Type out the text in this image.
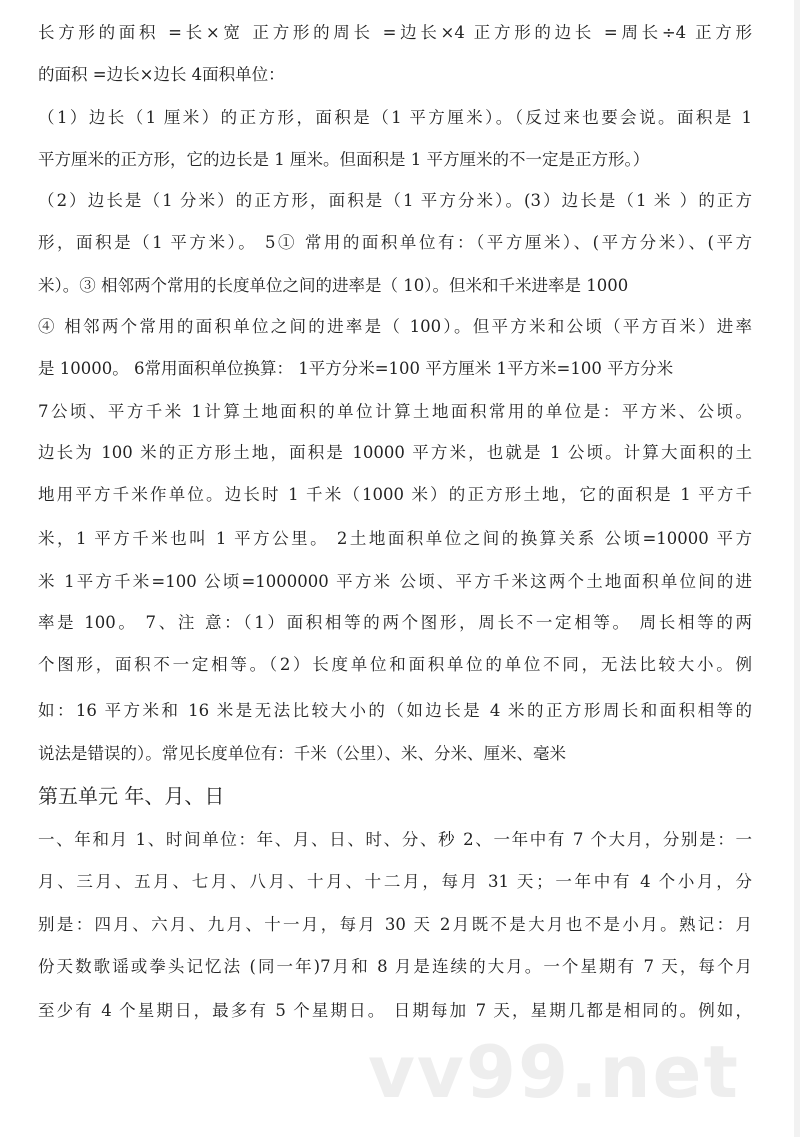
长方形的面积 =长×宽 正方形的周长 =边长×4 正方形的边长 =周长÷4 正方形
的面积 =边长×边长 4面积单位：
（1）边长（1 厘米）的正方形，面积是（1 平方厘米）。（反过来也要会说。面积是 1
平方厘米的正方形，它的边长是 1 厘米。但面积是 1 平方厘米的不一定是正方形。）
（2）边长是（1 分米）的正方形，面积是（1 平方分米）。(3）边长是（1 米 ）的正方
形，面积是（1 平方米）。 5① 常用的面积单位有：（平方厘米）、(平方分米）、(平方
米）。③ 相邻两个常用的长度单位之间的进率是（ 10）。但米和千米进率是 1000
④ 相邻两个常用的面积单位之间的进率是（ 100）。但平方米和公顷（平方百米）进率
是 10000。 6常用面积单位换算： 1平方分米=100 平方厘米 1平方米=100 平方分米
7公顷、平方千米 1计算土地面积的单位计算土地面积常用的单位是：平方米、公顷。
边长为 100 米的正方形土地，面积是 10000 平方米，也就是 1 公顷。计算大面积的土
地用平方千米作单位。边长时 1 千米（1000 米）的正方形土地，它的面积是 1 平方千
米，1 平方千米也叫 1 平方公里。 2土地面积单位之间的换算关系 公顷=10000 平方
米 1平方千米=100 公顷=1000000 平方米 公顷、平方千米这两个土地面积单位间的进
率是 100。 7、注 意：（1）面积相等的两个图形，周长不一定相等。 周长相等的两
个图形，面积不一定相等。（2）长度单位和面积单位的单位不同，无法比较大小。例
如：16 平方米和 16 米是无法比较大小的（如边长是 4 米的正方形周长和面积相等的
说法是错误的）。常见长度单位有：千米（公里）、米、分米、厘米、毫米
第五单元 年、月、日
一、年和月 1、时间单位：年、月、日、时、分、秒 2、一年中有 7 个大月，分别是：一
月、三月、五月、七月、八月、十月、十二月，每月 31 天；一年中有 4 个小月，分
别是：四月、六月、九月、十一月，每月 30 天 2月既不是大月也不是小月。熟记：月
份天数歌谣或拳头记忆法 (同一年)7月和 8 月是连续的大月。一个星期有 7 天，每个月
至少有 4 个星期日，最多有 5 个星期日。 日期每加 7 天，星期几都是相同的。例如，
vv99.net
